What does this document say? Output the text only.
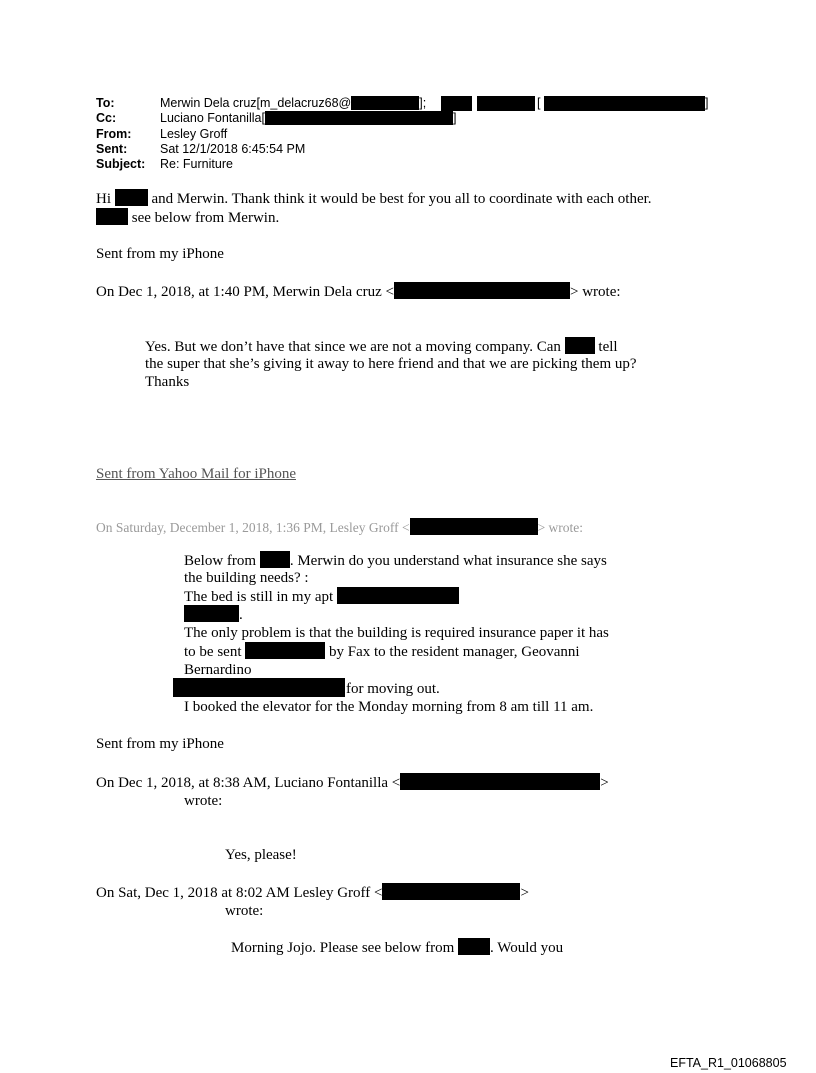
To:	Merwin Dela cruz[m_delacruz68@	];	[	]
Cc:	Luciano Fontanilla[	]
From: Lesley Groff
Sent:	Sat 12/1/2018 6:45:54 PM
Subject: Re: Furniture
Hi	and Merwin. Thank think it would be best for you all to coordinate with each other.
see below from Merwin.
Sent from my iPhone
On Dec 1, 2018, at 1:40 PM, Merwin Dela cruz <	> wrote:
Yes. But we don’t have that since we are not a moving company. Can	tell
the super that she’s giving it away to here friend and that we are picking them up?
Thanks
Sent from Yahoo Mail for iPhone
On Saturday, December 1, 2018, 1:36 PM, Lesley Groff <	> wrote:
Below from . Merwin do you understand what insurance she says
the building needs? :
The bed is still in my apt
.
The only problem is that the building is required insurance paper it has
to be sent	by Fax to the resident manager, Geovanni
Bernardino
for moving out.
I booked the elevator for the Monday morning from 8 am till 11 am.
Sent from my iPhone
On Dec 1, 2018, at 8:38 AM, Luciano Fontanilla <	>
wrote:
Yes, please!
On Sat, Dec 1, 2018 at 8:02 AM Lesley Groff <	>
wrote:
Morning Jojo. Please see below from . Would you
EFTA_R1_01068805
